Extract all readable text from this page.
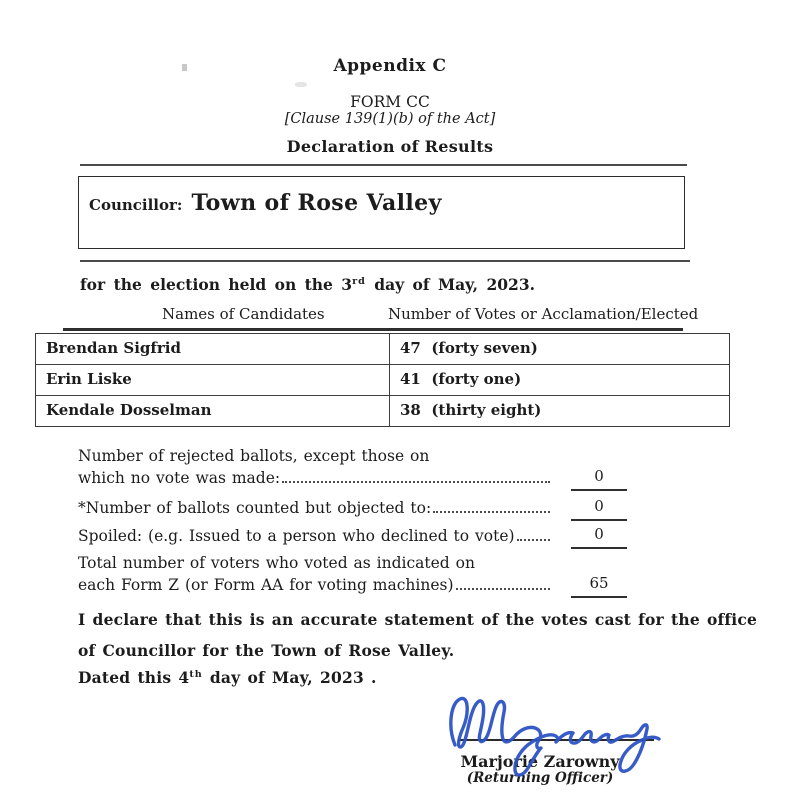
Appendix C
FORM CC
[Clause 139(1)(b) of the Act]
Declaration of Results
Councillor: Town of Rose Valley
for the election held on the 3rd day of May, 2023.
Names of Candidates	Number of Votes or Acclamation/Elected
Brendan Sigfrid	47  (forty seven)
Erin Liske	41  (forty one)
Kendale Dosselman	38  (thirty eight)
Number of rejected ballots, except those on
which no vote was made:	0
*Number of ballots counted but objected to:	0
Spoiled: (e.g. Issued to a person who declined to vote)	0
Total number of voters who voted as indicated on
each Form Z (or Form AA for voting machines)	65
I declare that this is an accurate statement of the votes cast for the office
of Councillor for the Town of Rose Valley.
Dated this 4th day of May, 2023 .
Marjorie Zarowny
(Returning Officer)
